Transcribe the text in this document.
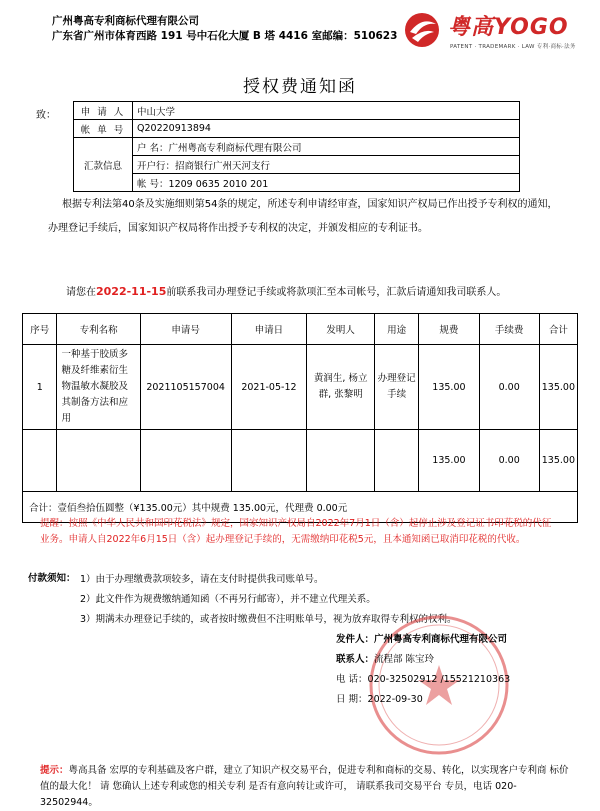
广州粤高专利商标代理有限公司
广东省广州市体育西路 191 号中石化大厦 B 塔 4416 室邮编：510623 粤高YOGO
PATENT · TRADEMARK · LAW 专利·商标·法务
授权费通知函
致：	申 请 人	中山大学
帐 单 号	Q20220913894
汇款信息	户 名：广州粤高专利商标代理有限公司
	开户行：招商银行广州天河支行
	帐 号：1209 0635 2010 201
根据专利法第40条及实施细则第54条的规定，所述专利申请经审查，国家知识产权局已作出授予专利权的通知，办理登记手续后，国家知识产权局将作出授予专利权的决定，并颁发相应的专利证书。
请您在2022-11-15前联系我司办理登记手续或将款项汇至本司帐号，汇款后请通知我司联系人。
序号	专利名称	申请号	申请日	发明人	用途	规费	手续费	合计
1	一种基于胶质多糖及纤维素衍生物温敏水凝胶及其制备方法和应用	2021105157004	2021-05-12	黄润生, 杨立群, 张黎明	办理登记手续	135.00	0.00	135.00
						135.00	0.00	135.00
合计：壹佰叁拾伍圆整（¥135.00元）其中规费 135.00元，代理费 0.00元								
提醒：按照《中华人民共和国印花税法》规定，国家知识产权局自2022年7月1日（含）起停止涉及登记证书印花税的代征业务。申请人自2022年6月15日（含）起办理登记手续的，无需缴纳印花税5元，且本通知函已取消印花税的代收。
付款须知： 1）由于办理缴费款项较多，请在支付时提供我司账单号。
2）此文件作为规费缴纳通知函（不再另行邮寄），并不建立代理关系。
3）期满未办理登记手续的，或者按时缴费但不注明账单号，视为放弃取得专利权的权利。
发件人：广州粤高专利商标代理有限公司
联系人：流程部 陈宝玲
电 话：020-32502912 /15521210363
日 期：2022-09-30
提示：粤高具备 宏厚的专利基础及客户群，建立了知识产权交易平台，促进专利和商标的交易、转化，以实现客户专利商 标价值的最大化！ 请 您确认上述专利或您的相关专利 是否有意向转让或许可， 请联系我司交易平台 专员，电话 020-32502944。
